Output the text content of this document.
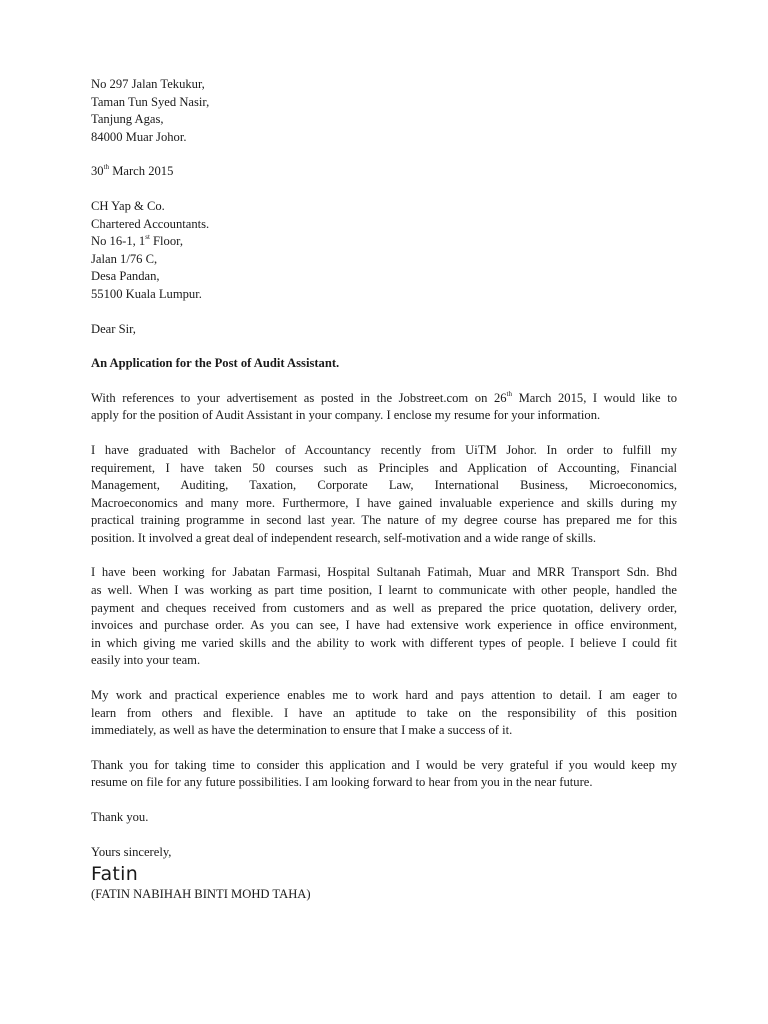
No 297 Jalan Tekukur,
Taman Tun Syed Nasir,
Tanjung Agas,
84000 Muar Johor.
30th March 2015
CH Yap & Co.
Chartered Accountants.
No 16-1, 1st Floor,
Jalan 1/76 C,
Desa Pandan,
55100 Kuala Lumpur.
Dear Sir,
An Application for the Post of Audit Assistant.
With references to your advertisement as posted in the Jobstreet.com on 26th March 2015, I would like to
apply for the position of Audit Assistant in your company. I enclose my resume for your information.
I have graduated with Bachelor of Accountancy recently from UiTM Johor. In order to fulfill my
requirement, I have taken 50 courses such as Principles and Application of Accounting, Financial
Management, Auditing, Taxation, Corporate Law, International Business, Microeconomics,
Macroeconomics and many more. Furthermore, I have gained invaluable experience and skills during my
practical training programme in second last year. The nature of my degree course has prepared me for this
position. It involved a great deal of independent research, self-motivation and a wide range of skills.
I have been working for Jabatan Farmasi, Hospital Sultanah Fatimah, Muar and MRR Transport Sdn. Bhd
as well. When I was working as part time position, I learnt to communicate with other people, handled the
payment and cheques received from customers and as well as prepared the price quotation, delivery order,
invoices and purchase order. As you can see, I have had extensive work experience in office environment,
in which giving me varied skills and the ability to work with different types of people. I believe I could fit
easily into your team.
My work and practical experience enables me to work hard and pays attention to detail. I am eager to
learn from others and flexible. I have an aptitude to take on the responsibility of this position
immediately, as well as have the determination to ensure that I make a success of it.
Thank you for taking time to consider this application and I would be very grateful if you would keep my
resume on file for any future possibilities. I am looking forward to hear from you in the near future.
Thank you.
Yours sincerely,
Fatin
(FATIN NABIHAH BINTI MOHD TAHA)
